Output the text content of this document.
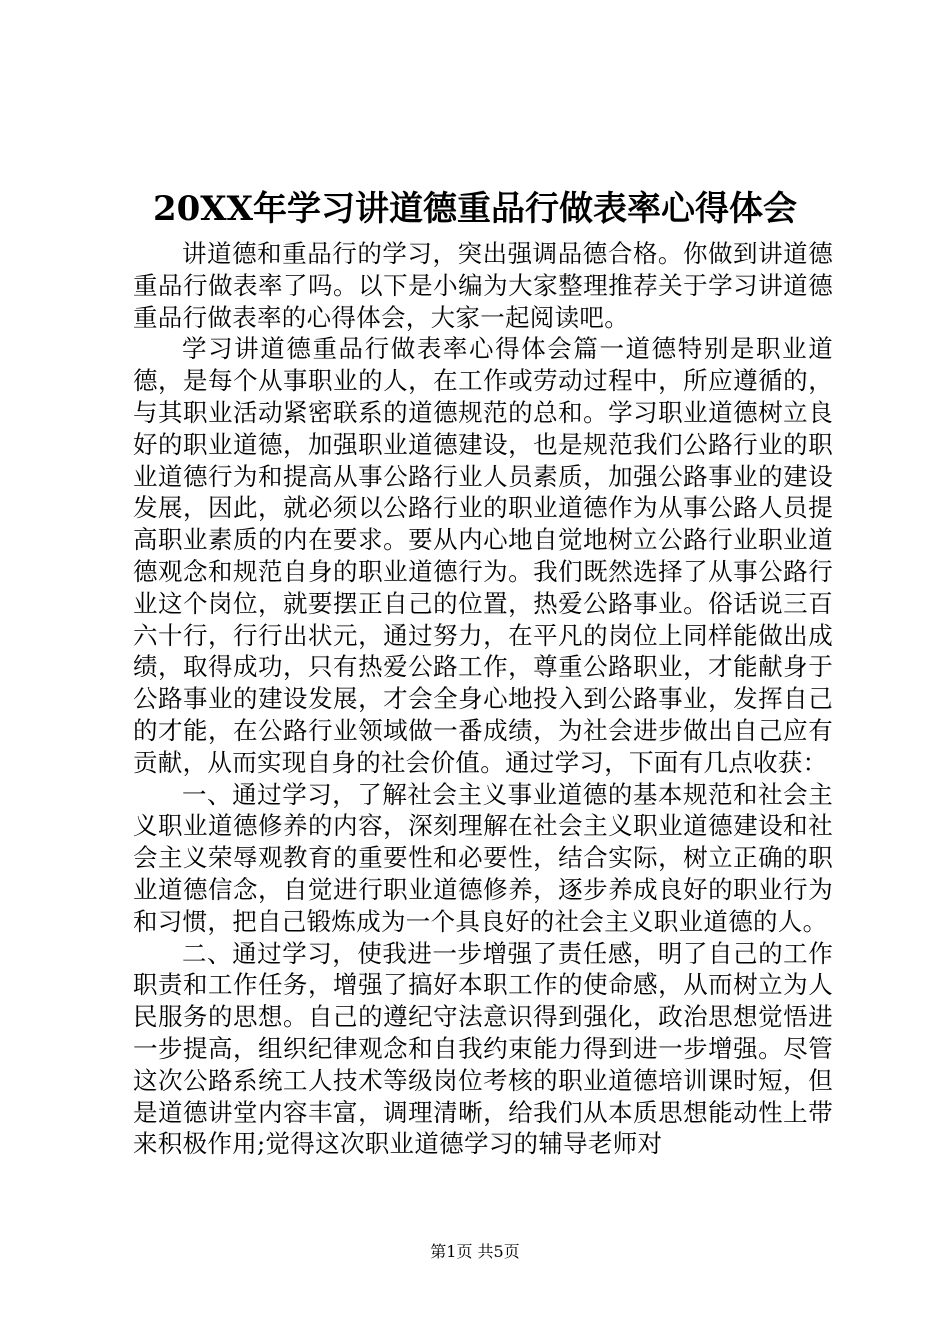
20XX年学习讲道德重品行做表率心得体会

讲道德和重品行的学习，突出强调品德合格。你做到讲道德重品行做表率了吗。以下是小编为大家整理推荐关于学习讲道德重品行做表率的心得体会，大家一起阅读吧。

学习讲道德重品行做表率心得体会篇一道德特别是职业道德，是每个从事职业的人，在工作或劳动过程中，所应遵循的，与其职业活动紧密联系的道德规范的总和。学习职业道德树立良好的职业道德，加强职业道德建设，也是规范我们公路行业的职业道德行为和提高从事公路行业人员素质，加强公路事业的建设发展，因此，就必须以公路行业的职业道德作为从事公路人员提高职业素质的内在要求。要从内心地自觉地树立公路行业职业道德观念和规范自身的职业道德行为。我们既然选择了从事公路行业这个岗位，就要摆正自己的位置，热爱公路事业。俗话说三百六十行，行行出状元，通过努力，在平凡的岗位上同样能做出成绩，取得成功，只有热爱公路工作，尊重公路职业，才能献身于公路事业的建设发展，才会全身心地投入到公路事业，发挥自己的才能，在公路行业领域做一番成绩，为社会进步做出自己应有贡献，从而实现自身的社会价值。通过学习，下面有几点收获：

一、通过学习，了解社会主义事业道德的基本规范和社会主义职业道德修养的内容，深刻理解在社会主义职业道德建设和社会主义荣辱观教育的重要性和必要性，结合实际，树立正确的职业道德信念，自觉进行职业道德修养，逐步养成良好的职业行为和习惯，把自己锻炼成为一个具良好的社会主义职业道德的人。

二、通过学习，使我进一步增强了责任感，明了自己的工作职责和工作任务，增强了搞好本职工作的使命感，从而树立为人民服务的思想。自己的遵纪守法意识得到强化，政治思想觉悟进一步提高，组织纪律观念和自我约束能力得到进一步增强。尽管这次公路系统工人技术等级岗位考核的职业道德培训课时短，但是道德讲堂内容丰富，调理清晰，给我们从本质思想能动性上带来积极作用;觉得这次职业道德学习的辅导老师对

第1页 共5页
